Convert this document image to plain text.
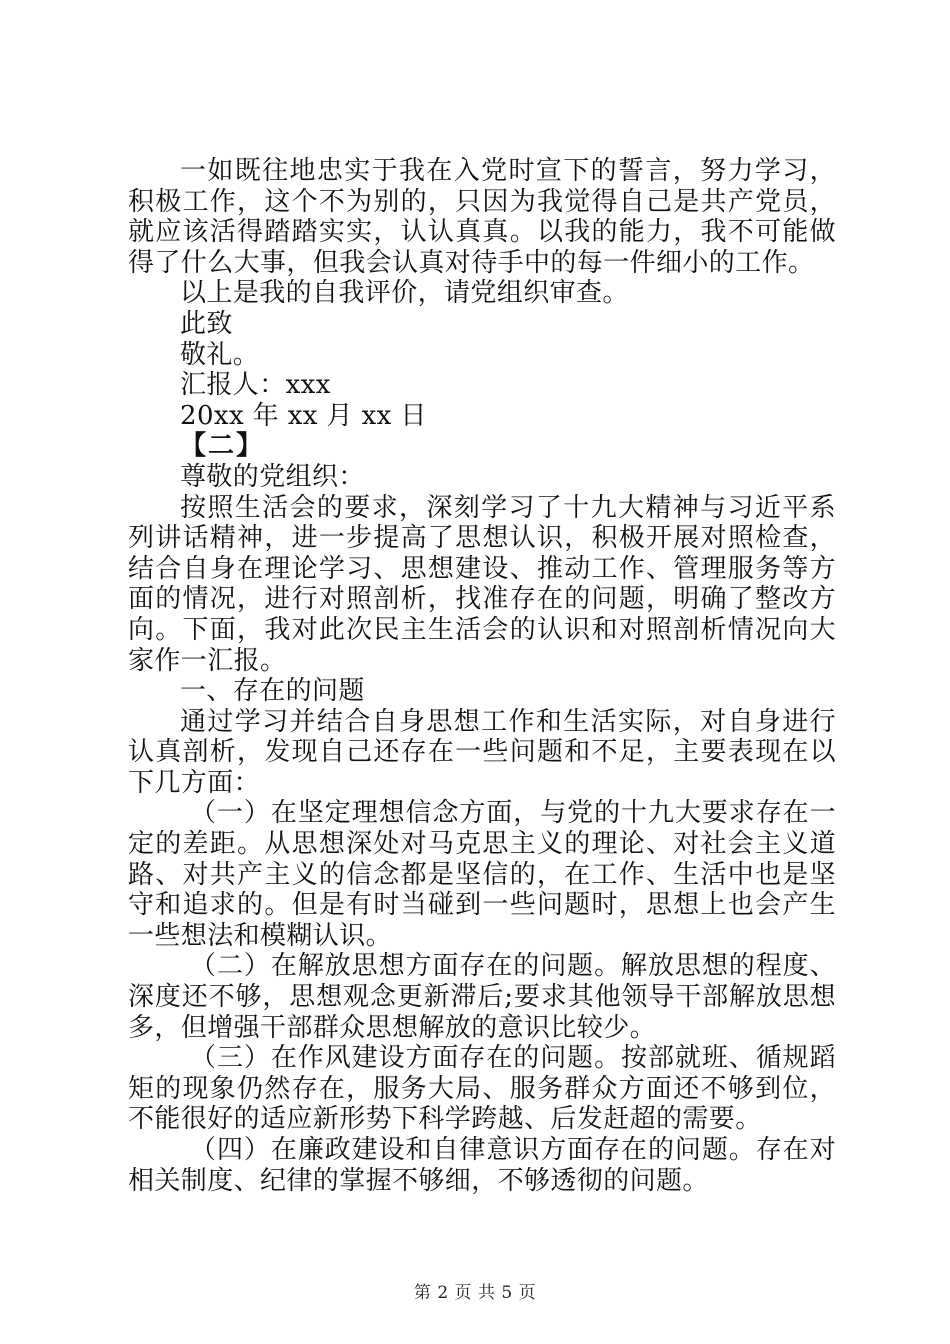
一如既往地忠实于我在入党时宣下的誓言，努力学习，积极工作，这个不为别的，只因为我觉得自己是共产党员，就应该活得踏踏实实，认认真真。以我的能力，我不可能做得了什么大事，但我会认真对待手中的每一件细小的工作。

以上是我的自我评价，请党组织审查。

此致

敬礼。

汇报人：xxx

20xx 年 xx 月 xx 日

【二】

尊敬的党组织：

按照生活会的要求，深刻学习了十九大精神与习近平系列讲话精神，进一步提高了思想认识，积极开展对照检查，结合自身在理论学习、思想建设、推动工作、管理服务等方面的情况，进行对照剖析，找准存在的问题，明确了整改方向。下面，我对此次民主生活会的认识和对照剖析情况向大家作一汇报。

一、存在的问题

通过学习并结合自身思想工作和生活实际，对自身进行认真剖析，发现自己还存在一些问题和不足，主要表现在以下几方面：

（一）在坚定理想信念方面，与党的十九大要求存在一定的差距。从思想深处对马克思主义的理论、对社会主义道路、对共产主义的信念都是坚信的，在工作、生活中也是坚守和追求的。但是有时当碰到一些问题时，思想上也会产生一些想法和模糊认识。

（二）在解放思想方面存在的问题。解放思想的程度、深度还不够，思想观念更新滞后;要求其他领导干部解放思想多，但增强干部群众思想解放的意识比较少。

（三）在作风建设方面存在的问题。按部就班、循规蹈矩的现象仍然存在，服务大局、服务群众方面还不够到位，不能很好的适应新形势下科学跨越、后发赶超的需要。

（四）在廉政建设和自律意识方面存在的问题。存在对相关制度、纪律的掌握不够细，不够透彻的问题。

第 2 页 共 5 页
